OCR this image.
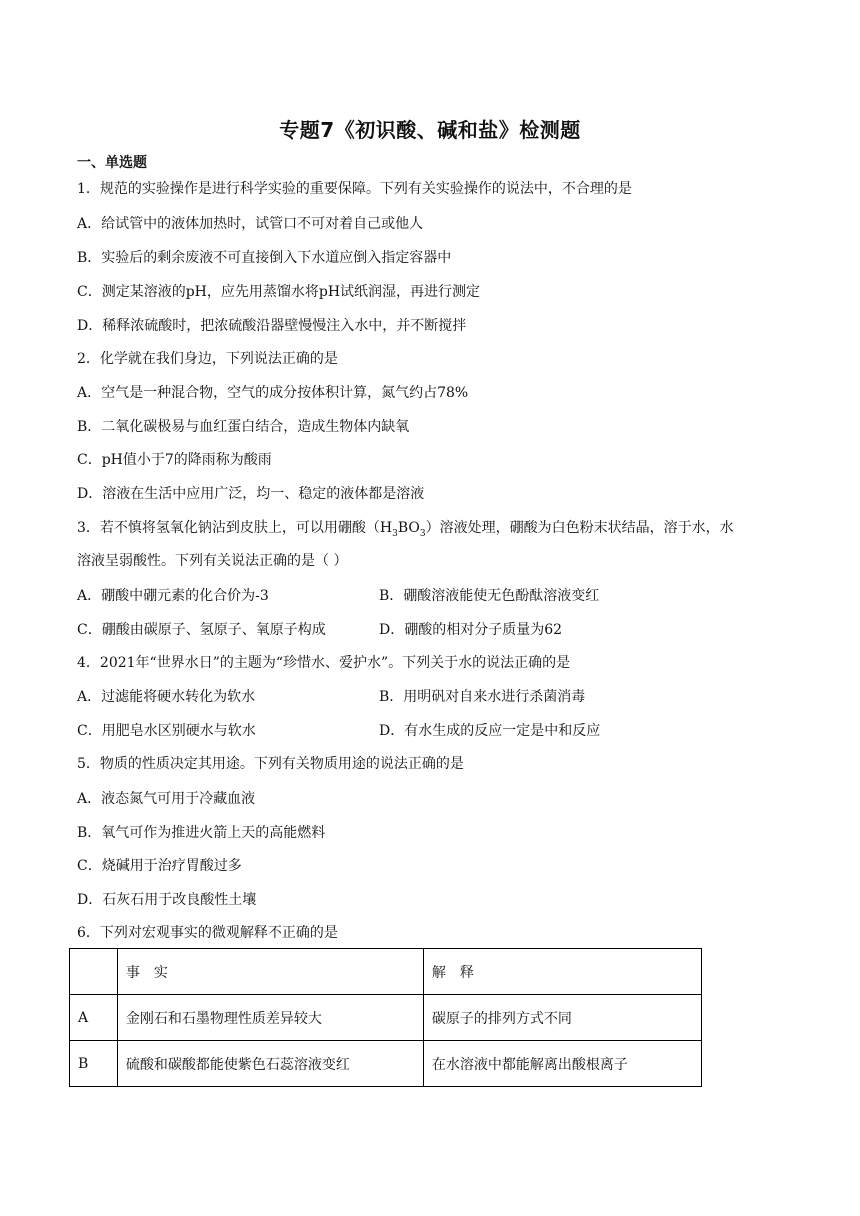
专题7《初识酸、碱和盐》检测题
一、单选题
1．规范的实验操作是进行科学实验的重要保障。下列有关实验操作的说法中，不合理的是
A．给试管中的液体加热时，试管口不可对着自己或他人
B．实验后的剩余废液不可直接倒入下水道应倒入指定容器中
C．测定某溶液的pH，应先用蒸馏水将pH试纸润湿，再进行测定
D．稀释浓硫酸时，把浓硫酸沿器壁慢慢注入水中，并不断搅拌
2．化学就在我们身边，下列说法正确的是
A．空气是一种混合物，空气的成分按体积计算，氮气约占78%
B．二氧化碳极易与血红蛋白结合，造成生物体内缺氧
C．pH值小于7的降雨称为酸雨
D．溶液在生活中应用广泛，均一、稳定的液体都是溶液
3．若不慎将氢氧化钠沾到皮肤上，可以用硼酸$(H_3BO_3)$溶液处理，硼酸为白色粉末状结晶，溶于水，水
溶液呈弱酸性。下列有关说法正确的是（ ）
A．硼酸中硼元素的化合价为-3	B．硼酸溶液能使无色酚酞溶液变红
C．硼酸由碳原子、氢原子、氧原子构成	D．硼酸的相对分子质量为62
4．2021年“世界水日”的主题为“珍惜水、爱护水”。下列关于水的说法正确的是
A．过滤能将硬水转化为软水	B．用明矾对自来水进行杀菌消毒
C．用肥皂水区别硬水与软水	D．有水生成的反应一定是中和反应
5．物质的性质决定其用途。下列有关物质用途的说法正确的是
A．液态氮气可用于冷藏血液
B．氧气可作为推进火箭上天的高能燃料
C．烧碱用于治疗胃酸过多
D．石灰石用于改良酸性土壤
6．下列对宏观事实的微观解释不正确的是
	事　实	解　释
A	金刚石和石墨物理性质差异较大	碳原子的排列方式不同
B	硫酸和碳酸都能使紫色石蕊溶液变红	在水溶液中都能解离出酸根离子
